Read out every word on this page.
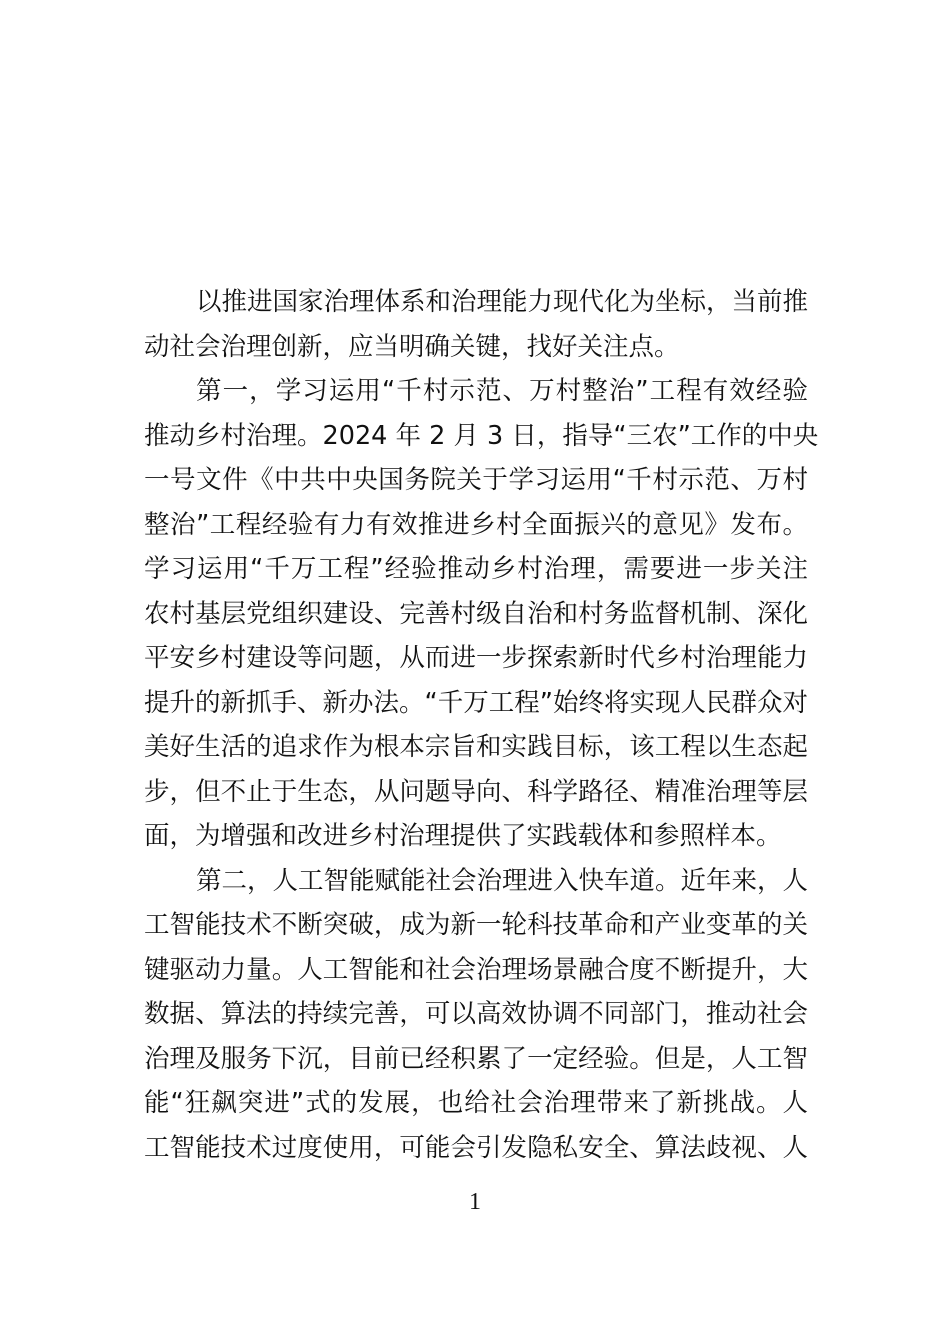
以推进国家治理体系和治理能力现代化为坐标，当前推
动社会治理创新，应当明确关键，找好关注点。
第一，学习运用“千村示范、万村整治”工程有效经验
推动乡村治理。2024 年 2 月 3 日，指导“三农”工作的中央
一号文件《中共中央国务院关于学习运用“千村示范、万村
整治”工程经验有力有效推进乡村全面振兴的意见》发布。
学习运用“千万工程”经验推动乡村治理，需要进一步关注
农村基层党组织建设、完善村级自治和村务监督机制、深化
平安乡村建设等问题，从而进一步探索新时代乡村治理能力
提升的新抓手、新办法。“千万工程”始终将实现人民群众对
美好生活的追求作为根本宗旨和实践目标，该工程以生态起
步，但不止于生态，从问题导向、科学路径、精准治理等层
面，为增强和改进乡村治理提供了实践载体和参照样本。
第二，人工智能赋能社会治理进入快车道。近年来，人
工智能技术不断突破，成为新一轮科技革命和产业变革的关
键驱动力量。人工智能和社会治理场景融合度不断提升，大
数据、算法的持续完善，可以高效协调不同部门，推动社会
治理及服务下沉，目前已经积累了一定经验。但是，人工智
能“狂飙突进”式的发展，也给社会治理带来了新挑战。人
工智能技术过度使用，可能会引发隐私安全、算法歧视、人
1
